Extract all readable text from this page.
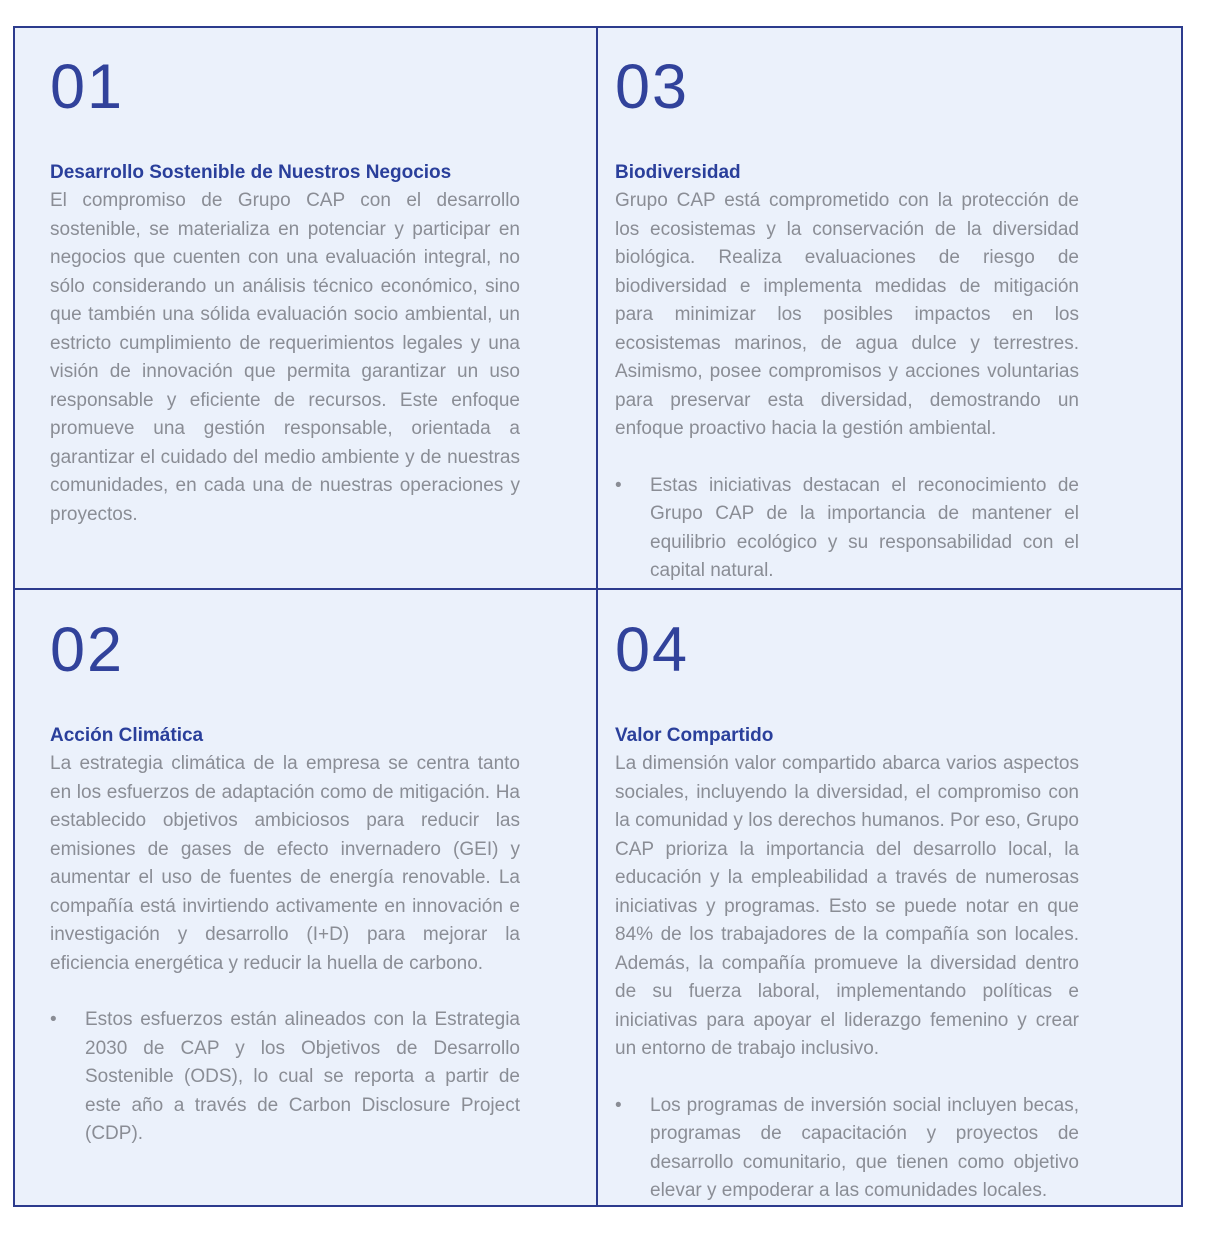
01
Desarrollo Sostenible de Nuestros Negocios

El compromiso de Grupo CAP con el desarrollo sostenible, se materializa en potenciar y participar en negocios que cuenten con una evaluación integral, no sólo considerando un análisis técnico económico, sino que también una sólida evaluación socio ambiental, un estricto cumplimiento de requerimientos legales y una visión de innovación que permita garantizar un uso responsable y eficiente de recursos. Este enfoque promueve una gestión responsable, orientada a garantizar el cuidado del medio ambiente y de nuestras comunidades, en cada una de nuestras operaciones y proyectos.

03
Biodiversidad

Grupo CAP está comprometido con la protección de los ecosistemas y la conservación de la diversidad biológica. Realiza evaluaciones de riesgo de biodiversidad e implementa medidas de mitigación para minimizar los posibles impactos en los ecosistemas marinos, de agua dulce y terrestres. Asimismo, posee compromisos y acciones voluntarias para preservar esta diversidad, demostrando un enfoque proactivo hacia la gestión ambiental.

•	Estas iniciativas destacan el reconocimiento de Grupo CAP de la importancia de mantener el equilibrio ecológico y su responsabilidad con el capital natural.
02
Acción Climática

La estrategia climática de la empresa se centra tanto en los esfuerzos de adaptación como de mitigación. Ha establecido objetivos ambiciosos para reducir las emisiones de gases de efecto invernadero (GEI) y aumentar el uso de fuentes de energía renovable. La compañía está invirtiendo activamente en innovación e investigación y desarrollo (I+D) para mejorar la eficiencia energética y reducir la huella de carbono.

•	Estos esfuerzos están alineados con la Estrategia 2030 de CAP y los Objetivos de Desarrollo Sostenible (ODS), lo cual se reporta a partir de este año a través de Carbon Disclosure Project (CDP).
04
Valor Compartido

La dimensión valor compartido abarca varios aspectos sociales, incluyendo la diversidad, el compromiso con la comunidad y los derechos humanos. Por eso, Grupo CAP prioriza la importancia del desarrollo local, la educación y la empleabilidad a través de numerosas iniciativas y programas. Esto se puede notar en que 84% de los trabajadores de la compañía son locales. Además, la compañía promueve la diversidad dentro de su fuerza laboral, implementando políticas e iniciativas para apoyar el liderazgo femenino y crear un entorno de trabajo inclusivo.

•	Los programas de inversión social incluyen becas, programas de capacitación y proyectos de desarrollo comunitario, que tienen como objetivo elevar y empoderar a las comunidades locales.
